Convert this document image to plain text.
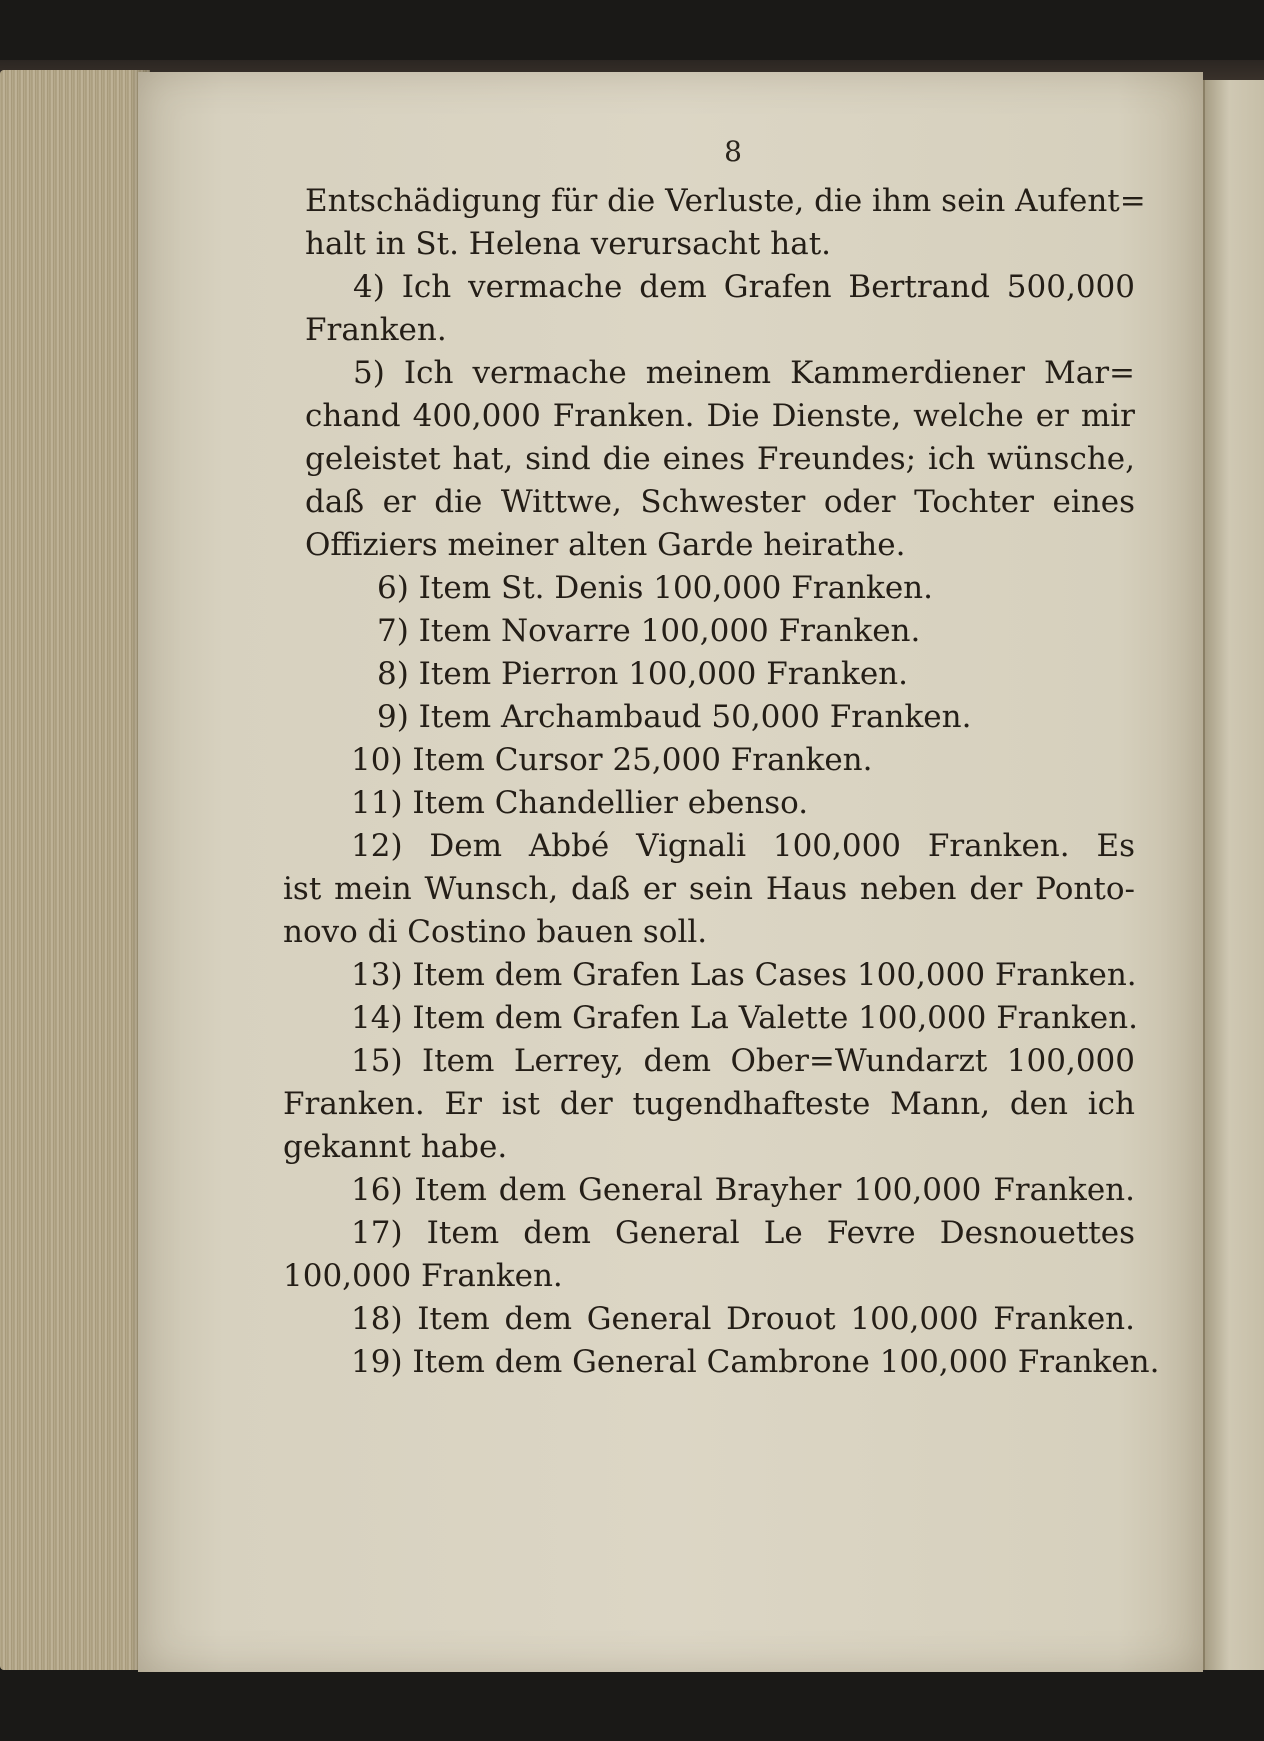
8
Entschädigung für die Verluste, die ihm sein Aufent=
halt in St. Helena verursacht hat.
4) Ich vermache dem Grafen Bertrand 500,000
Franken.
5) Ich vermache meinem Kammerdiener Mar=
chand 400,000 Franken. Die Dienste, welche er mir
geleistet hat, sind die eines Freundes; ich wünsche,
daß er die Wittwe, Schwester oder Tochter eines
Offiziers meiner alten Garde heirathe.
6) Item St. Denis 100,000 Franken.
7) Item Novarre 100,000 Franken.
8) Item Pierron 100,000 Franken.
9) Item Archambaud 50,000 Franken.
10) Item Cursor 25,000 Franken.
11) Item Chandellier ebenso.
12) Dem Abbé Vignali 100,000 Franken. Es
ist mein Wunsch, daß er sein Haus neben der Ponto-
novo di Costino bauen soll.
13) Item dem Grafen Las Cases 100,000 Franken.
14) Item dem Grafen La Valette 100,000 Franken.
15) Item Lerrey, dem Ober=Wundarzt 100,000
Franken. Er ist der tugendhafteste Mann, den ich
gekannt habe.
16) Item dem General Brayher 100,000 Franken.
17) Item dem General Le Fevre Desnouettes
100,000 Franken.
18) Item dem General Drouot 100,000 Franken.
19) Item dem General Cambrone 100,000 Franken.
